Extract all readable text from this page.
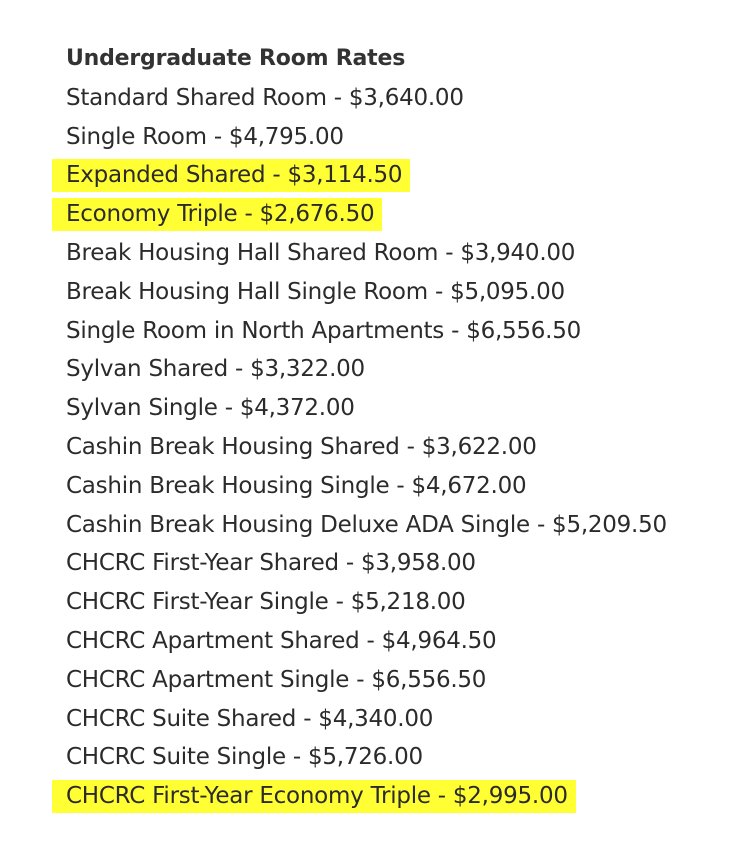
Undergraduate Room Rates
Standard Shared Room - $3,640.00
Single Room - $4,795.00
Expanded Shared - $3,114.50
Economy Triple - $2,676.50
Break Housing Hall Shared Room - $3,940.00
Break Housing Hall Single Room - $5,095.00
Single Room in North Apartments - $6,556.50
Sylvan Shared - $3,322.00
Sylvan Single - $4,372.00
Cashin Break Housing Shared - $3,622.00
Cashin Break Housing Single - $4,672.00
Cashin Break Housing Deluxe ADA Single - $5,209.50
CHCRC First-Year Shared - $3,958.00
CHCRC First-Year Single - $5,218.00
CHCRC Apartment Shared - $4,964.50
CHCRC Apartment Single - $6,556.50
CHCRC Suite Shared - $4,340.00
CHCRC Suite Single - $5,726.00
CHCRC First-Year Economy Triple - $2,995.00
